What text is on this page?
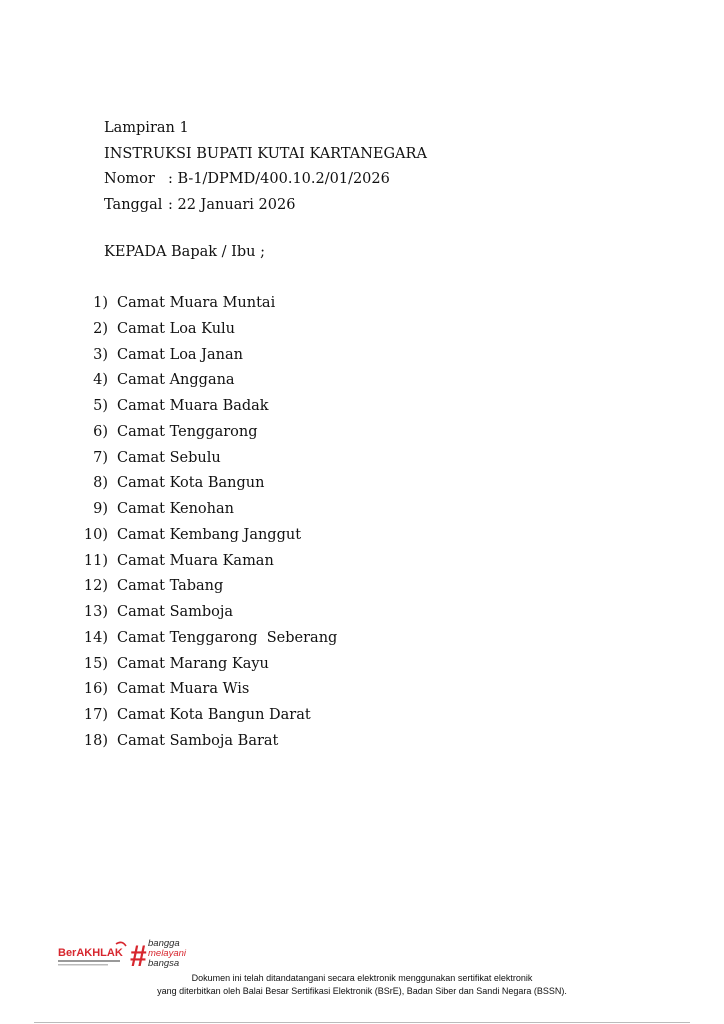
Lampiran 1
INSTRUKSI BUPATI KUTAI KARTANEGARA
Nomor : B-1/DPMD/400.10.2/01/2026
Tanggal : 22 Januari 2026
KEPADA Bapak / Ibu ;
1) Camat Muara Muntai
2) Camat Loa Kulu
3) Camat Loa Janan
4) Camat Anggana
5) Camat Muara Badak
6) Camat Tenggarong
7) Camat Sebulu
8) Camat Kota Bangun
9) Camat Kenohan
10) Camat Kembang Janggut
11) Camat Muara Kaman
12) Camat Tabang
13) Camat Samboja
14) Camat Tenggarong  Seberang
15) Camat Marang Kayu
16) Camat Muara Wis
17) Camat Kota Bangun Darat
18) Camat Samboja Barat
BerAKHLAK # bangga
melayani
bangsa
Dokumen ini telah ditandatangani secara elektronik menggunakan sertifikat elektronik
yang diterbitkan oleh Balai Besar Sertifikasi Elektronik (BSrE), Badan Siber dan Sandi Negara (BSSN).
